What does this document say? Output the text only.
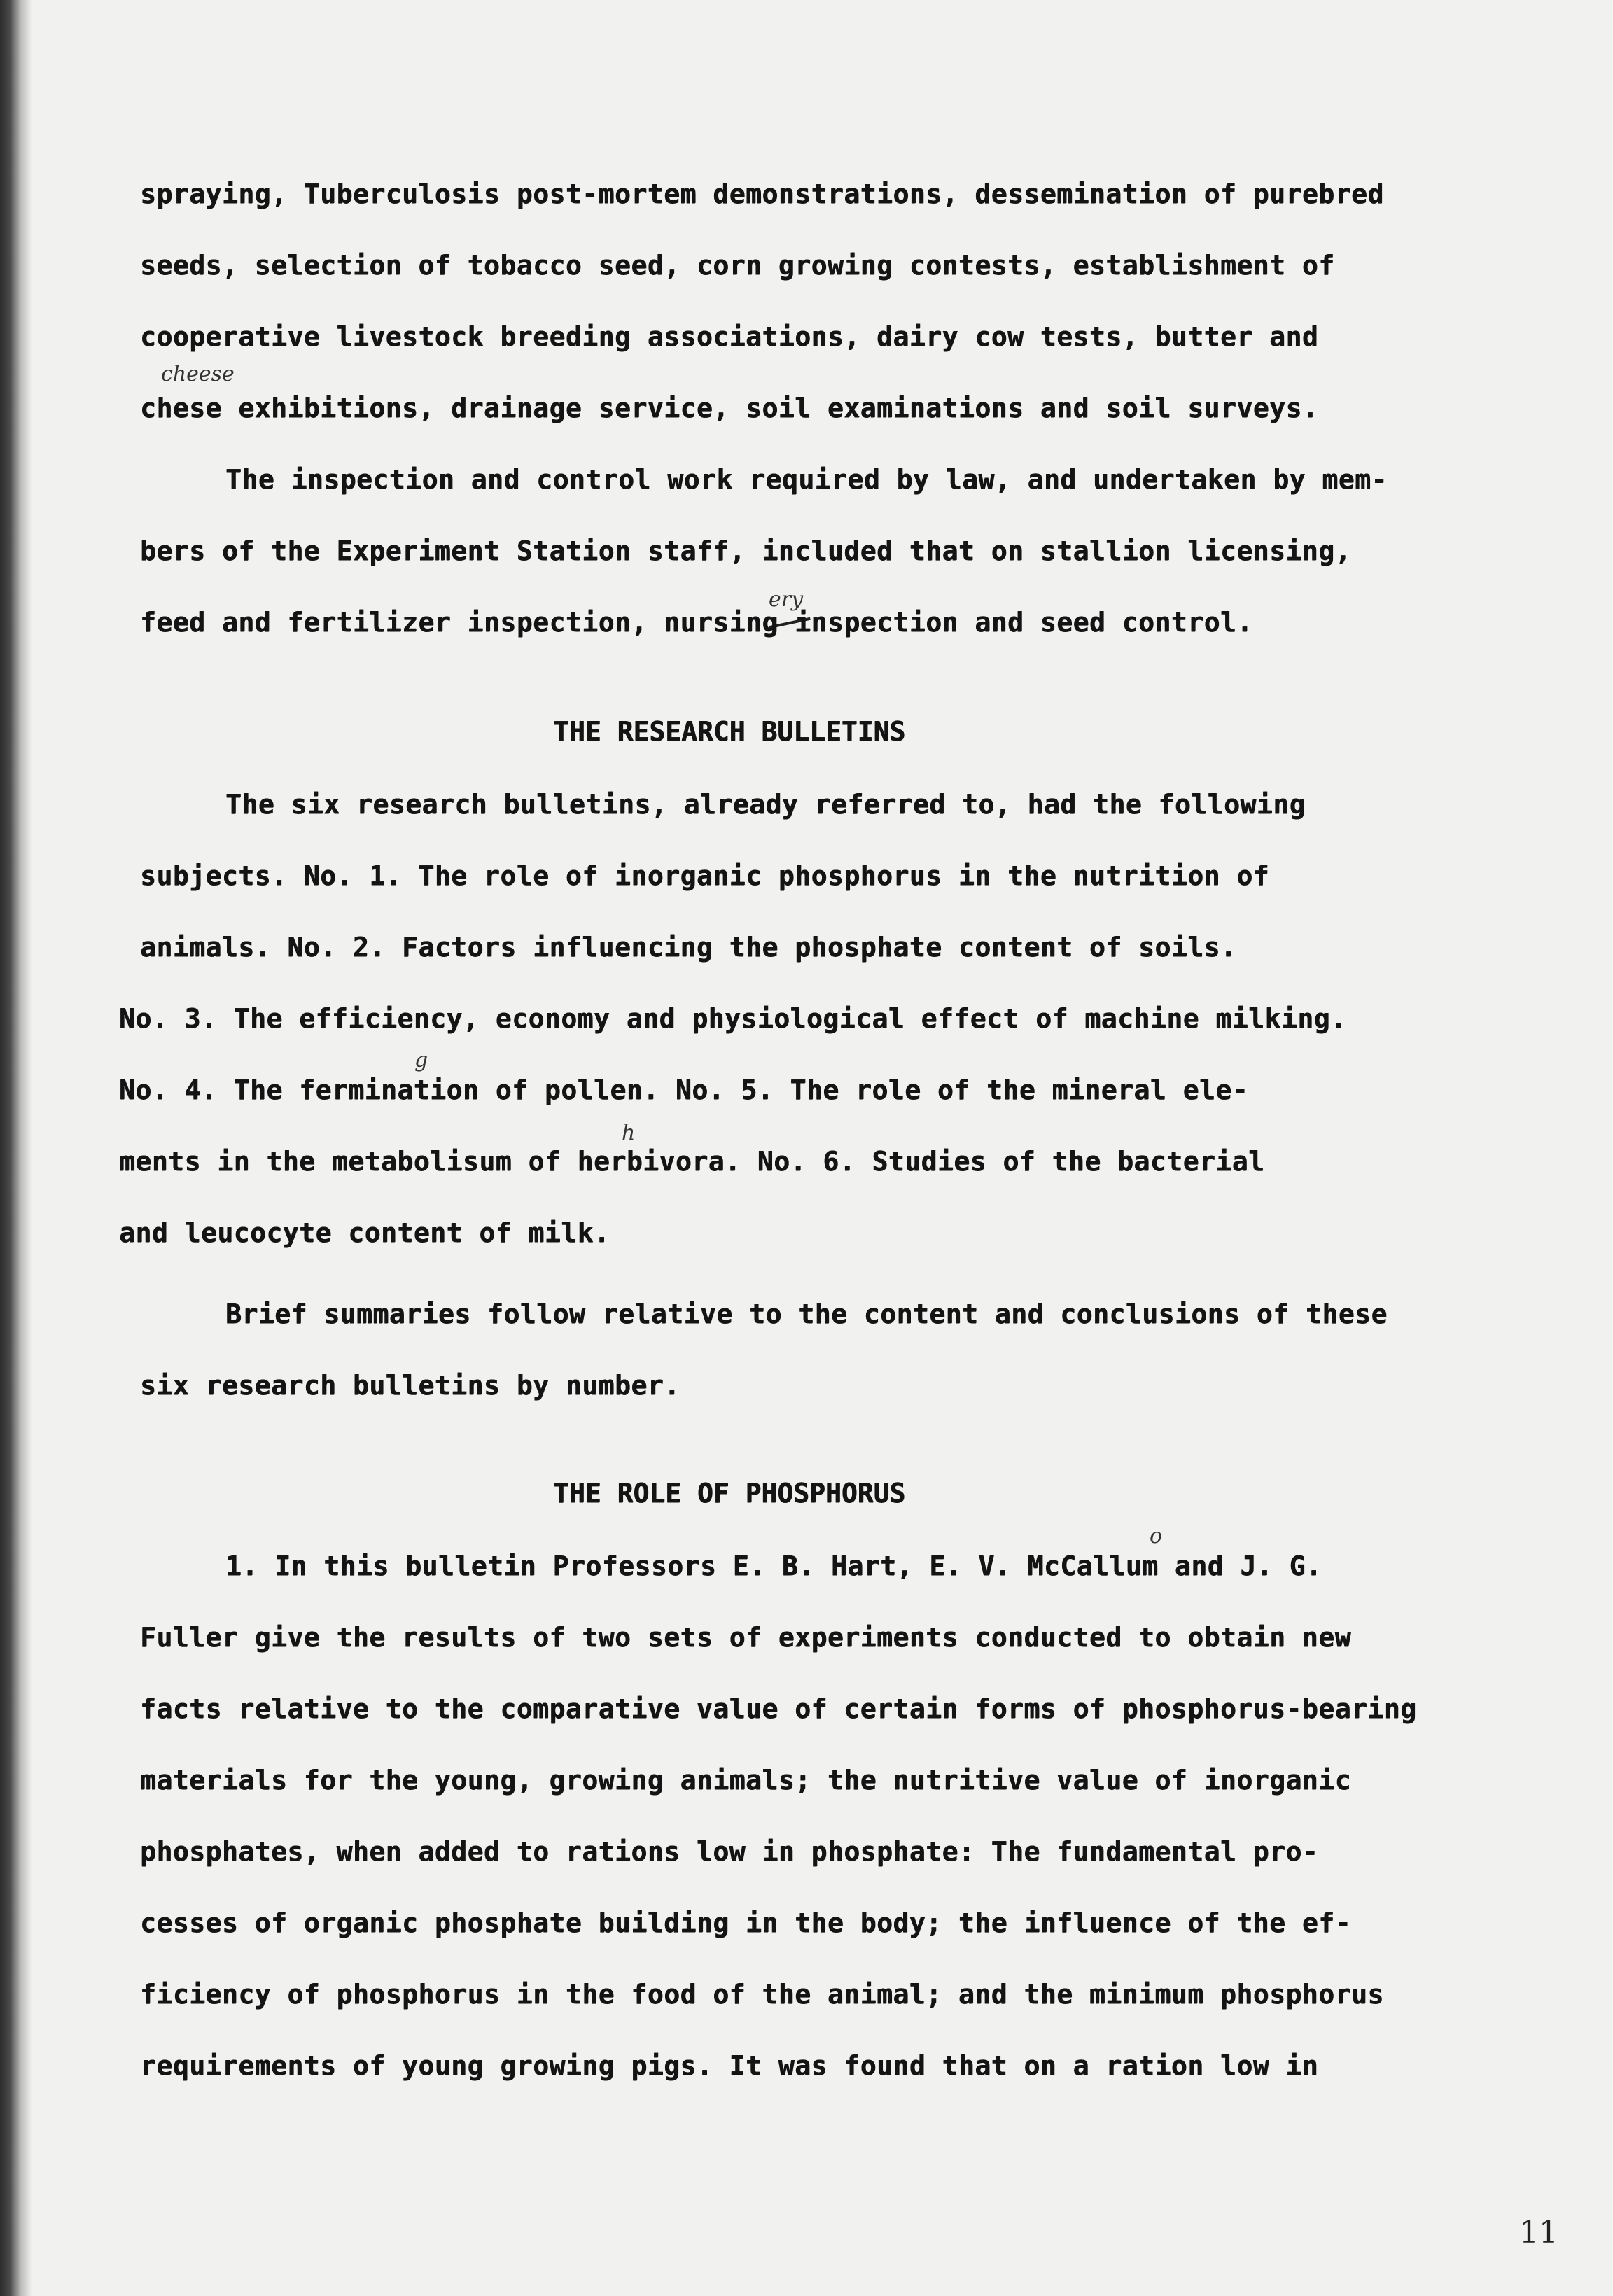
spraying, Tuberculosis post-mortem demonstrations, dessemination of purebred
seeds, selection of tobacco seed, corn growing contests, establishment of
cooperative livestock breeding associations, dairy cow tests, butter and
cheese
chese exhibitions, drainage service, soil examinations and soil surveys.
The inspection and control work required by law, and undertaken by mem-
bers of the Experiment Station staff, included that on stallion licensing,
ery
feed and fertilizer inspection, nursing inspection and seed control.
THE RESEARCH BULLETINS
The six research bulletins, already referred to, had the following
subjects. No. 1. The role of inorganic phosphorus in the nutrition of
animals. No. 2. Factors influencing the phosphate content of soils.
No. 3. The efficiency, economy and physiological effect of machine milking.
g
No. 4. The fermination of pollen. No. 5. The role of the mineral ele-
h
ments in the metabolisum of herbivora. No. 6. Studies of the bacterial
and leucocyte content of milk.
Brief summaries follow relative to the content and conclusions of these
six research bulletins by number.
THE ROLE OF PHOSPHORUS
o
1. In this bulletin Professors E. B. Hart, E. V. McCallum and J. G.
Fuller give the results of two sets of experiments conducted to obtain new
facts relative to the comparative value of certain forms of phosphorus-bearing
materials for the young, growing animals; the nutritive value of inorganic
phosphates, when added to rations low in phosphate: The fundamental pro-
cesses of organic phosphate building in the body; the influence of the ef-
ficiency of phosphorus in the food of the animal; and the minimum phosphorus
requirements of young growing pigs. It was found that on a ration low in
11
